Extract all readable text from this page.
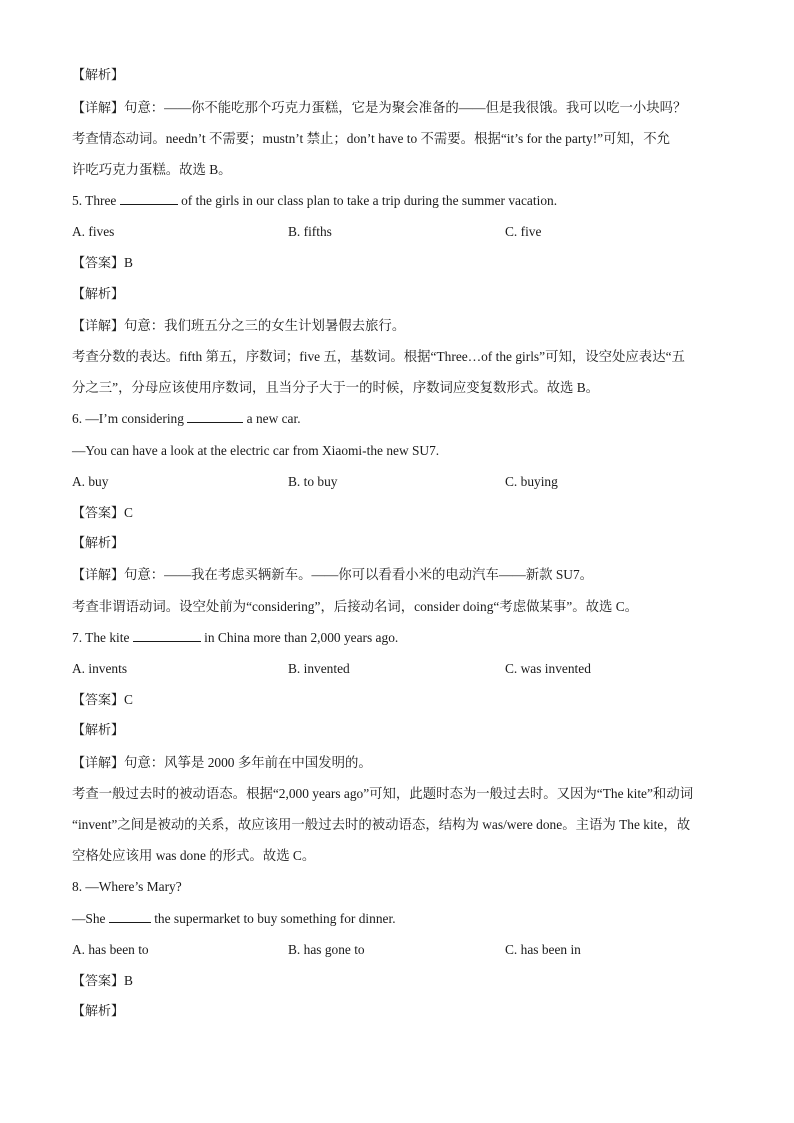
【解析】
【详解】句意：——你不能吃那个巧克力蛋糕，它是为聚会准备的——但是我很饿。我可以吃一小块吗？
考查情态动词。needn’t 不需要；mustn’t 禁止；don’t have to 不需要。根据“it’s for the party!”可知，不允
许吃巧克力蛋糕。故选 B。
5. Three	of the girls in our class plan to take a trip during the summer vacation.
A. fives	B. fifths	C. five
【答案】B
【解析】
【详解】句意：我们班五分之三的女生计划暑假去旅行。
考查分数的表达。fifth 第五，序数词；five 五，基数词。根据“Three…of the girls”可知，设空处应表达“五
分之三”，分母应该使用序数词，且当分子大于一的时候，序数词应变复数形式。故选 B。
6. —I’m considering	a new car.
—You can have a look at the electric car from Xiaomi-the new SU7.
A. buy	B. to buy	C. buying
【答案】C
【解析】
【详解】句意：——我在考虑买辆新车。——你可以看看小米的电动汽车——新款 SU7。
考查非谓语动词。设空处前为“considering”，后接动名词，consider doing“考虑做某事”。故选 C。
7. The kite	in China more than 2,000 years ago.
A. invents	B. invented	C. was invented
【答案】C
【解析】
【详解】句意：风筝是 2000 多年前在中国发明的。
考查一般过去时的被动语态。根据“2,000 years ago”可知，此题时态为一般过去时。又因为“The kite”和动词
“invent”之间是被动的关系，故应该用一般过去时的被动语态，结构为 was/were done。主语为 The kite，故
空格处应该用 was done 的形式。故选 C。
8. —Where’s Mary?
—She	the supermarket to buy something for dinner.
A. has been to	B. has gone to	C. has been in
【答案】B
【解析】
